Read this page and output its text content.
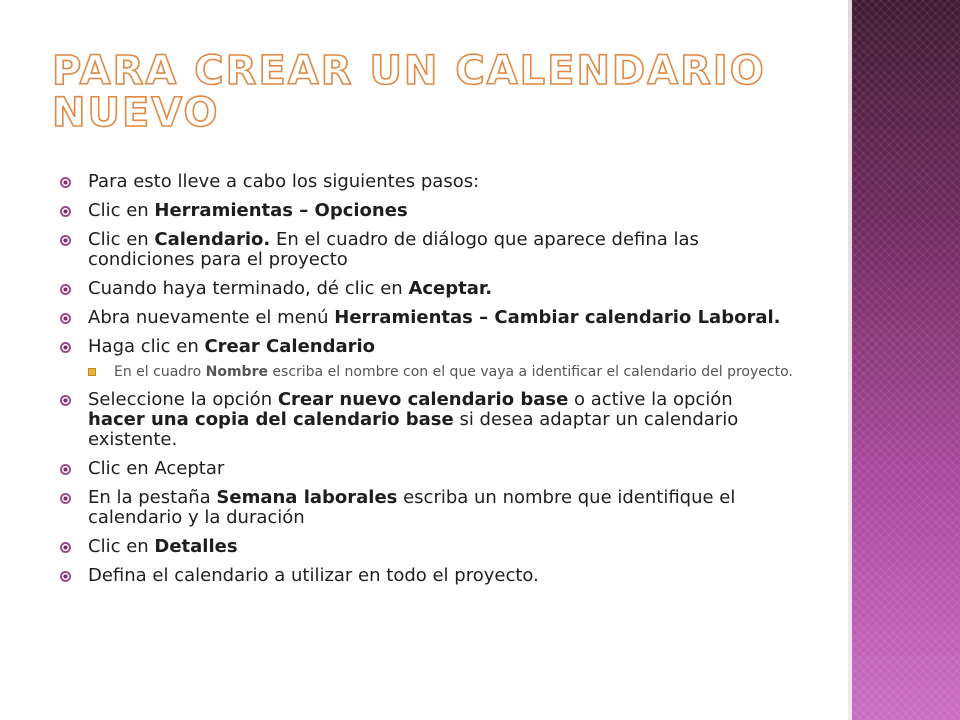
PARA CREAR UN CALENDARIO
NUEVO
Para esto lleve a cabo los siguientes pasos:
Clic en Herramientas – Opciones
Clic en Calendario. En el cuadro de diálogo que aparece defina las condiciones para el proyecto
Cuando haya terminado, dé clic en Aceptar.
Abra nuevamente el menú Herramientas – Cambiar calendario Laboral.
Haga clic en Crear Calendario
En el cuadro Nombre escriba el nombre con el que vaya a identificar el calendario del proyecto.
Seleccione la opción Crear nuevo calendario base o active la opción hacer una copia del calendario base si desea adaptar un calendario existente.
Clic en Aceptar
En la pestaña Semana laborales escriba un nombre que identifique el calendario y la duración
Clic en Detalles
Defina el calendario a utilizar en todo el proyecto.
